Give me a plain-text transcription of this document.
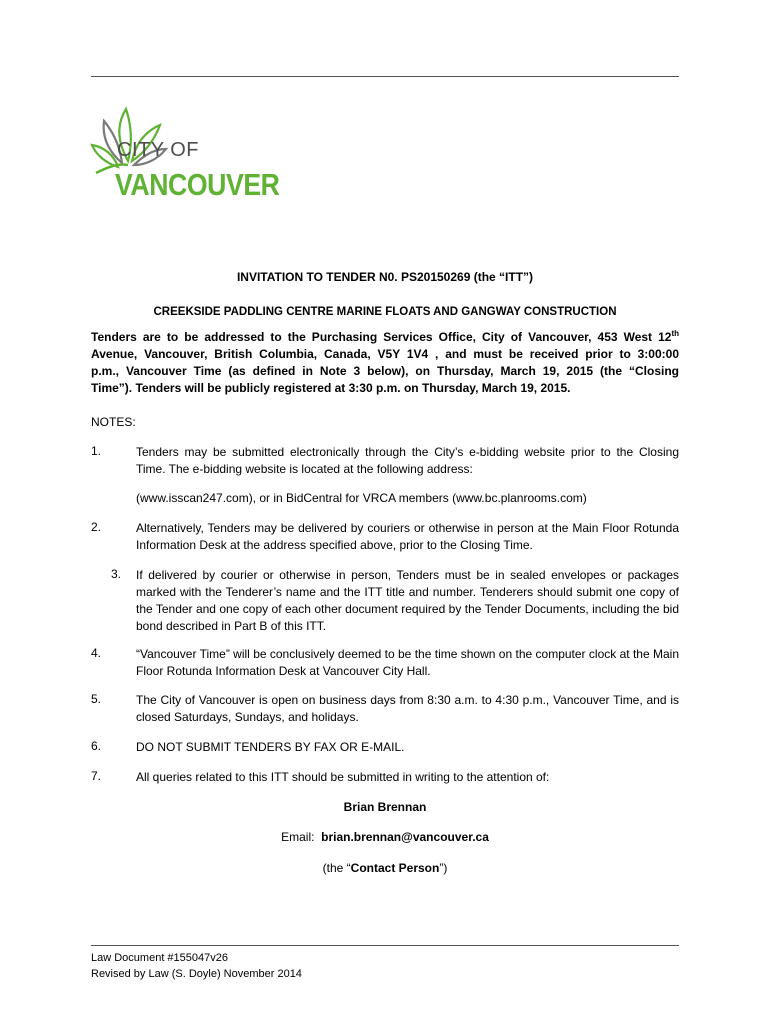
CITY OF
VANCOUVER
INVITATION TO TENDER N0. PS20150269 (the “ITT”)
CREEKSIDE PADDLING CENTRE MARINE FLOATS AND GANGWAY CONSTRUCTION
Tenders are to be addressed to the Purchasing Services Office, City of Vancouver, 453 West 12th
Avenue, Vancouver, British Columbia, Canada, V5Y 1V4 , and must be received prior to 3:00:00
p.m., Vancouver Time (as defined in Note 3 below), on Thursday, March 19, 2015 (the “Closing
Time”). Tenders will be publicly registered at 3:30 p.m. on Thursday, March 19, 2015.
NOTES:
1.	Tenders may be submitted electronically through the City’s e-bidding website prior to the Closing Time. The e-bidding website is located at the following address:
(www.isscan247.com), or in BidCentral for VRCA members (www.bc.planrooms.com)
2.	Alternatively, Tenders may be delivered by couriers or otherwise in person at the Main Floor Rotunda Information Desk at the address specified above, prior to the Closing Time.
3. If delivered by courier or otherwise in person, Tenders must be in sealed envelopes or packages marked with the Tenderer’s name and the ITT title and number. Tenderers should submit one copy of the Tender and one copy of each other document required by the Tender Documents, including the bid bond described in Part B of this ITT.
4.	“Vancouver Time” will be conclusively deemed to be the time shown on the computer clock at the Main Floor Rotunda Information Desk at Vancouver City Hall.
5.	The City of Vancouver is open on business days from 8:30 a.m. to 4:30 p.m., Vancouver Time, and is closed Saturdays, Sundays, and holidays.
6.	DO NOT SUBMIT TENDERS BY FAX OR E-MAIL.
7.	All queries related to this ITT should be submitted in writing to the attention of:
Brian Brennan
Email: brian.brennan@vancouver.ca
(the “Contact Person”)
Law Document #155047v26
Revised by Law (S. Doyle) November 2014
